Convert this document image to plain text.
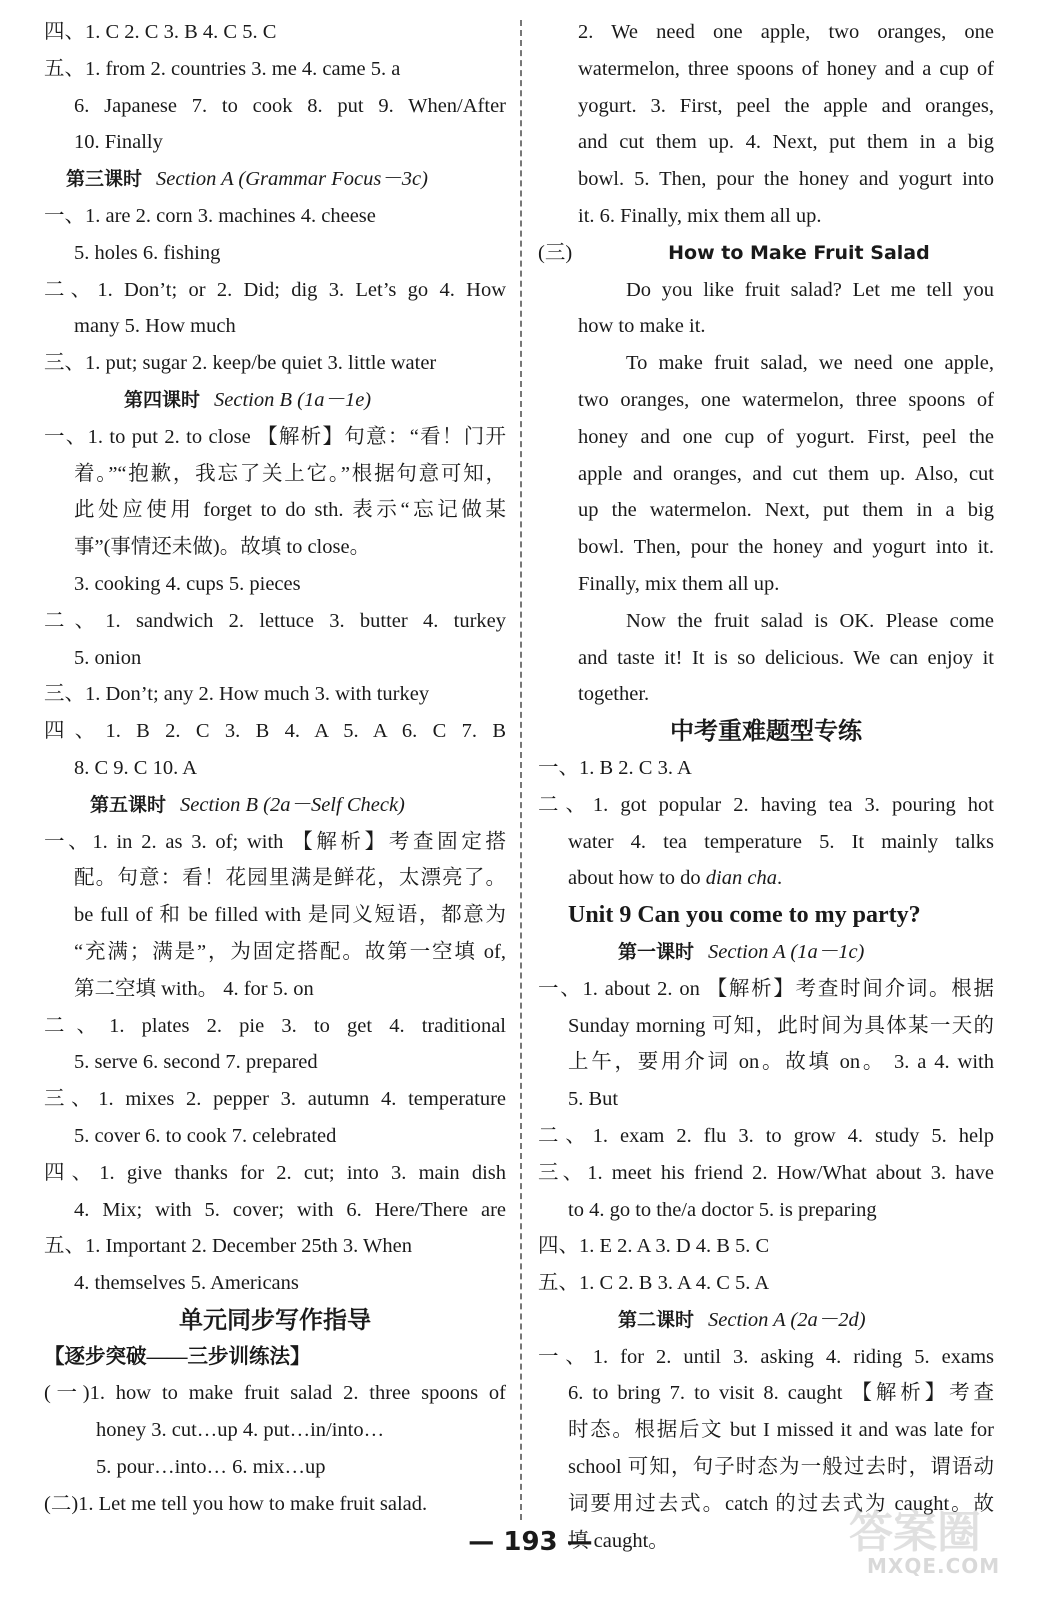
四、1. C 2. C 3. B 4. C 5. C
五、1. from 2. countries 3. me 4. came 5. a
6. Japanese 7. to cook 8. put 9. When/After
10. Finally
第三课时 Section A (Grammar Focus－3c)
一、1. are 2. corn 3. machines 4. cheese
5. holes 6. fishing
二、1. Don’t; or 2. Did; dig 3. Let’s go 4. How
many 5. How much
三、1. put; sugar 2. keep/be quiet 3. little water
第四课时 Section B (1a－1e)
一、1. to put 2. to close 【解析】句意：“看！门开
着。”“抱歉，我忘了关上它。”根据句意可知，
此处应使用 forget to do sth. 表示“忘记做某
事”(事情还未做)。故填 to close。
3. cooking 4. cups 5. pieces
二、1. sandwich 2. lettuce 3. butter 4. turkey
5. onion
三、1. Don’t; any 2. How much 3. with turkey
四、1. B 2. C 3. B 4. A 5. A 6. C 7. B
8. C 9. C 10. A
第五课时 Section B (2a－Self Check)
一、1. in 2. as 3. of; with 【解析】考查固定搭
配。句意：看！花园里满是鲜花，太漂亮了。
be full of 和 be filled with 是同义短语，都意为
“充满；满是”，为固定搭配。故第一空填 of,
第二空填 with。 4. for 5. on
二、1. plates 2. pie 3. to get 4. traditional
5. serve 6. second 7. prepared
三、1. mixes 2. pepper 3. autumn 4. temperature
5. cover 6. to cook 7. celebrated
四、1. give thanks for 2. cut; into 3. main dish
4. Mix; with 5. cover; with 6. Here/There are
五、1. Important 2. December 25th 3. When
4. themselves 5. Americans
单元同步写作指导
【逐步突破——三步训练法】
(一)1. how to make fruit salad 2. three spoons of
honey 3. cut…up 4. put…in/into…
5. pour…into… 6. mix…up
(二)1. Let me tell you how to make fruit salad.
2. We need one apple, two oranges, one
watermelon, three spoons of honey and a cup of
yogurt. 3. First, peel the apple and oranges,
and cut them up. 4. Next, put them in a big
bowl. 5. Then, pour the honey and yogurt into
it. 6. Finally, mix them all up.
(三)	How to Make Fruit Salad
Do you like fruit salad? Let me tell you
how to make it.
To make fruit salad, we need one apple,
two oranges, one watermelon, three spoons of
honey and one cup of yogurt. First, peel the
apple and oranges, and cut them up. Also, cut
up the watermelon. Next, put them in a big
bowl. Then, pour the honey and yogurt into it.
Finally, mix them all up.
Now the fruit salad is OK. Please come
and taste it! It is so delicious. We can enjoy it
together.
中考重难题型专练
一、1. B 2. C 3. A
二、1. got popular 2. having tea 3. pouring hot
water 4. tea temperature 5. It mainly talks
about how to do dian cha.
Unit 9 Can you come to my party?
第一课时 Section A (1a－1c)
一、1. about 2. on 【解析】考查时间介词。根据
Sunday morning 可知，此时间为具体某一天的
上午，要用介词 on。故填 on。 3. a 4. with
5. But
二、1. exam 2. flu 3. to grow 4. study 5. help
三、1. meet his friend 2. How/What about 3. have
to 4. go to the/a doctor 5. is preparing
四、1. E 2. A 3. D 4. B 5. C
五、1. C 2. B 3. A 4. C 5. A
第二课时 Section A (2a－2d)
一、1. for 2. until 3. asking 4. riding 5. exams
6. to bring 7. to visit 8. caught 【解析】考查
时态。根据后文 but I missed it and was late for
school 可知，句子时态为一般过去时，谓语动
词要用过去式。catch 的过去式为 caught。故
填 caught。
— 193 —	答案圈
MXQE.COM
